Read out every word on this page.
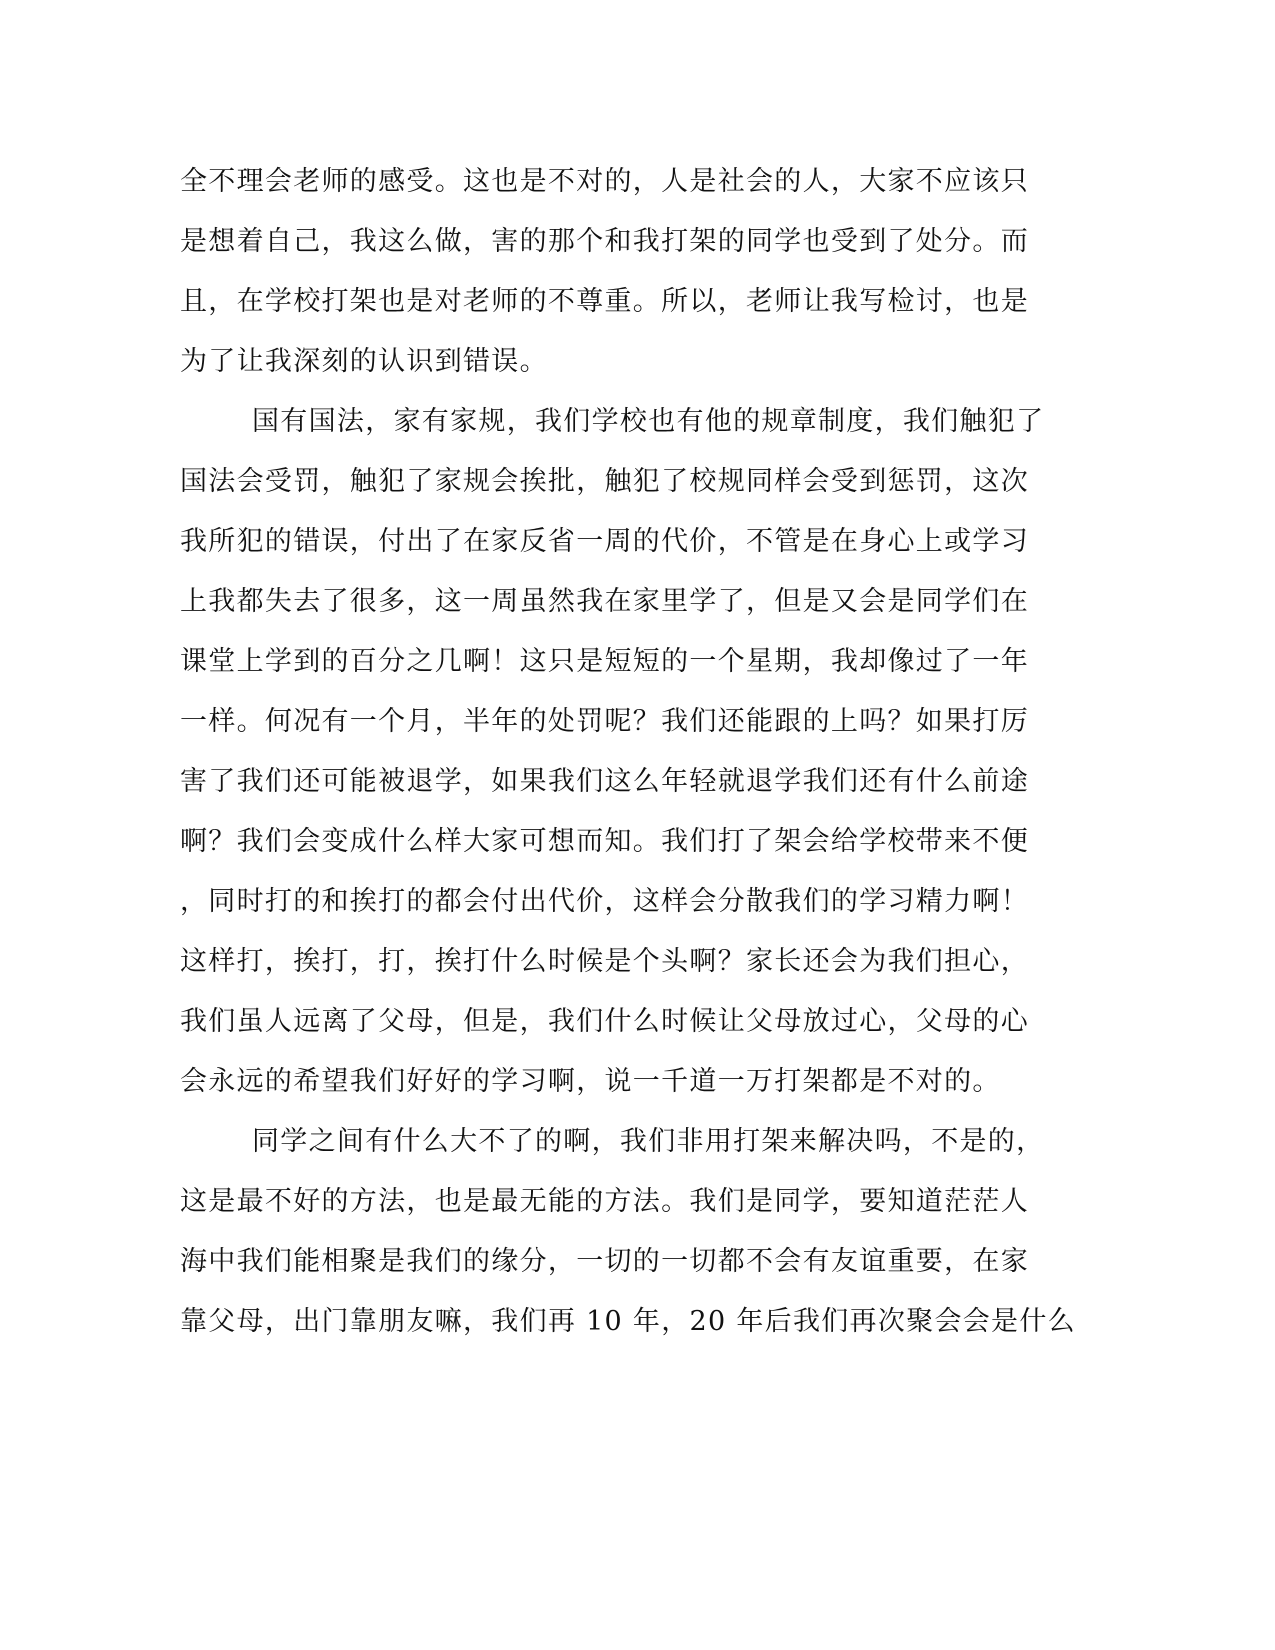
全不理会老师的感受。这也是不对的，人是社会的人，大家不应该只
是想着自己，我这么做，害的那个和我打架的同学也受到了处分。而
且，在学校打架也是对老师的不尊重。所以，老师让我写检讨，也是
为了让我深刻的认识到错误。
国有国法，家有家规，我们学校也有他的规章制度，我们触犯了
国法会受罚，触犯了家规会挨批，触犯了校规同样会受到惩罚，这次
我所犯的错误，付出了在家反省一周的代价，不管是在身心上或学习
上我都失去了很多，这一周虽然我在家里学了，但是又会是同学们在
课堂上学到的百分之几啊！这只是短短的一个星期，我却像过了一年
一样。何况有一个月，半年的处罚呢？我们还能跟的上吗？如果打厉
害了我们还可能被退学，如果我们这么年轻就退学我们还有什么前途
啊？我们会变成什么样大家可想而知。我们打了架会给学校带来不便
，同时打的和挨打的都会付出代价，这样会分散我们的学习精力啊！
这样打，挨打，打，挨打什么时候是个头啊？家长还会为我们担心，
我们虽人远离了父母，但是，我们什么时候让父母放过心，父母的心
会永远的希望我们好好的学习啊，说一千道一万打架都是不对的。
同学之间有什么大不了的啊，我们非用打架来解决吗，不是的，
这是最不好的方法，也是最无能的方法。我们是同学，要知道茫茫人
海中我们能相聚是我们的缘分，一切的一切都不会有友谊重要，在家
靠父母，出门靠朋友嘛，我们再 10 年，20 年后我们再次聚会会是什么
